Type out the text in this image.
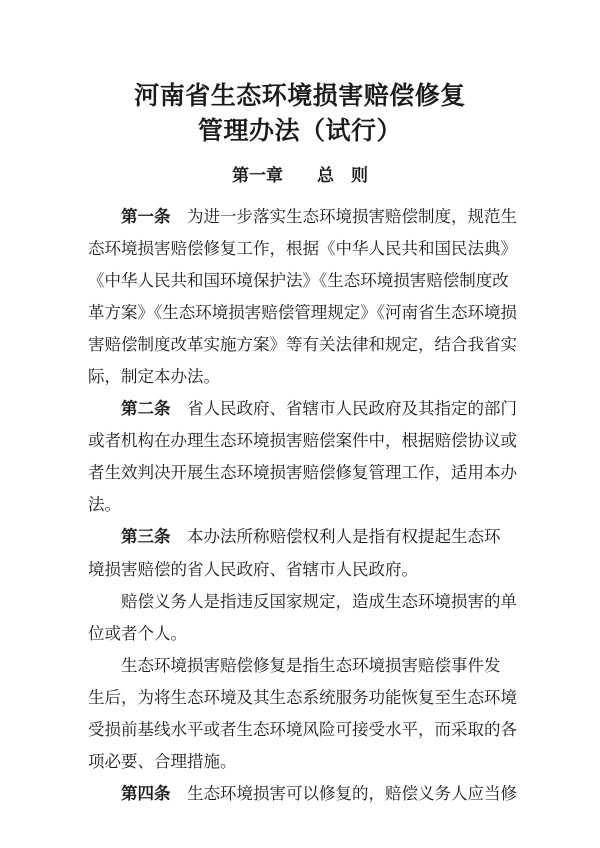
河南省生态环境损害赔偿修复
管理办法（试行）
第一章　　总　则
第一条　为进一步落实生态环境损害赔偿制度，规范生
态环境损害赔偿修复工作，根据《中华人民共和国民法典》
《中华人民共和国环境保护法》《生态环境损害赔偿制度改
革方案》《生态环境损害赔偿管理规定》《河南省生态环境损
害赔偿制度改革实施方案》等有关法律和规定，结合我省实
际，制定本办法。
第二条　省人民政府、省辖市人民政府及其指定的部门
或者机构在办理生态环境损害赔偿案件中，根据赔偿协议或
者生效判决开展生态环境损害赔偿修复管理工作，适用本办
法。
第三条　本办法所称赔偿权利人是指有权提起生态环
境损害赔偿的省人民政府、省辖市人民政府。
赔偿义务人是指违反国家规定，造成生态环境损害的单
位或者个人。
生态环境损害赔偿修复是指生态环境损害赔偿事件发
生后，为将生态环境及其生态系统服务功能恢复至生态环境
受损前基线水平或者生态环境风险可接受水平，而采取的各
项必要、合理措施。
第四条　生态环境损害可以修复的，赔偿义务人应当修
